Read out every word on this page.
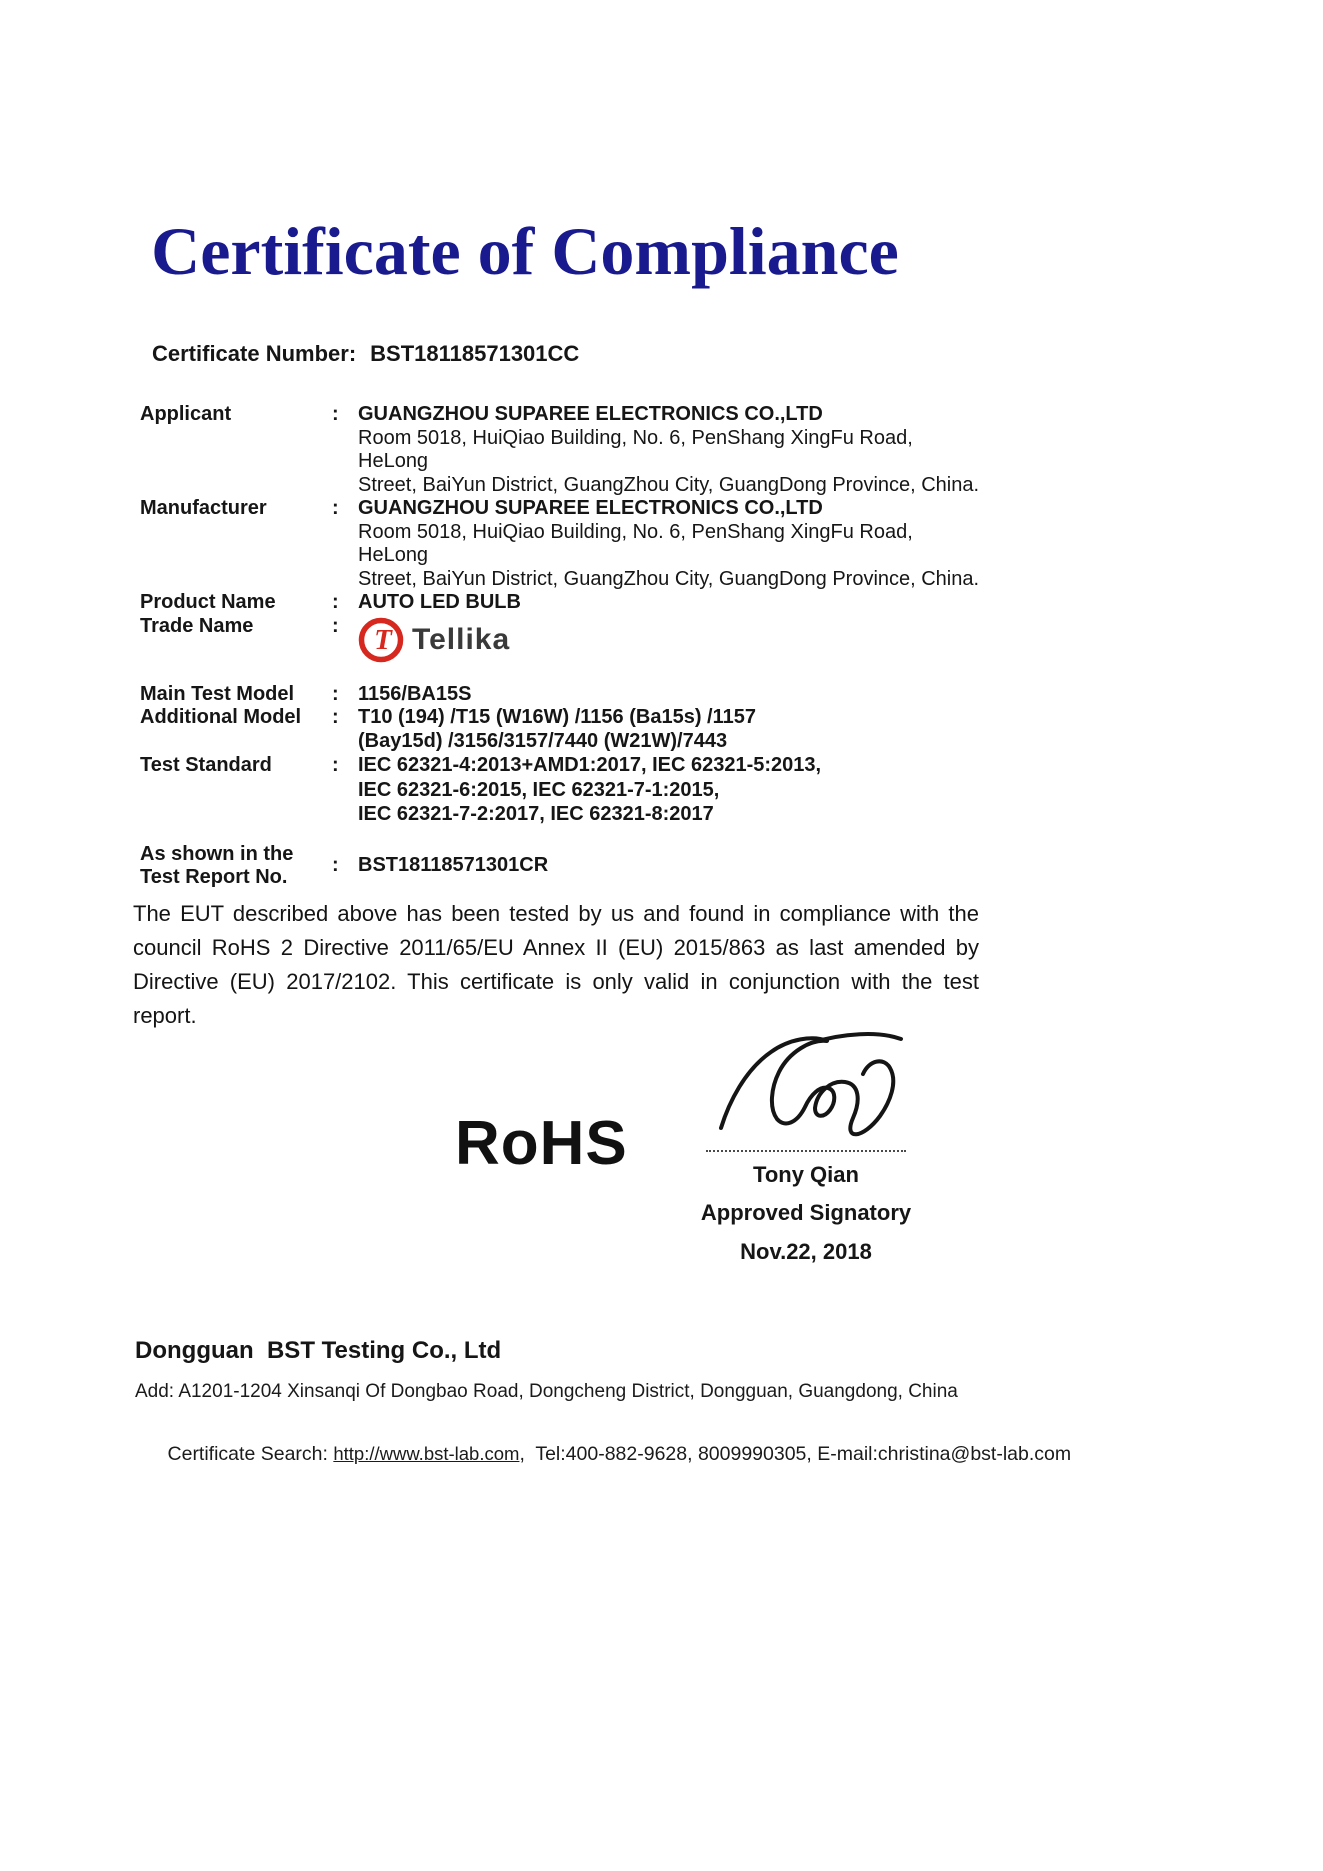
Certificate of Compliance
Certificate Number: BST18118571301CC
Applicant	: GUANGZHOU SUPAREE ELECTRONICS CO.,LTD
Room 5018, HuiQiao Building, No. 6, PenShang XingFu Road, HeLong
Street, BaiYun District, GuangZhou City, GuangDong Province, China.
Manufacturer	: GUANGZHOU SUPAREE ELECTRONICS CO.,LTD
Room 5018, HuiQiao Building, No. 6, PenShang XingFu Road, HeLong
Street, BaiYun District, GuangZhou City, GuangDong Province, China.
Product Name	: AUTO LED BULB
Trade Name	:	T Tellika
Main Test Model	: 1156/BA15S
Additional Model	: T10 (194) /T15 (W16W) /1156 (Ba15s) /1157
(Bay15d) /3156/3157/7440 (W21W)/7443
Test Standard	: IEC 62321-4:2013+AMD1:2017, IEC 62321-5:2013,
IEC 62321-6:2015, IEC 62321-7-1:2015,
IEC 62321-7-2:2017, IEC 62321-8:2017
As shown in the
Test Report No.
: BST18118571301CR

The EUT described above has been tested by us and found in compliance with the council RoHS 2 Directive 2011/65/EU Annex II (EU) 2015/863 as last amended by Directive (EU) 2017/2102. This certificate is only valid in conjunction with the test report.

RoHS	Tony Qian
Approved Signatory
Nov.22, 2018
Dongguan  BST Testing Co., Ltd
Add: A1201-1204 Xinsanqi Of Dongbao Road, Dongcheng District, Dongguan, Guangdong, China

Certificate Search: http://www.bst-lab.com,  Tel:400-882-9628, 8009990305, E-mail:christina@bst-lab.com
